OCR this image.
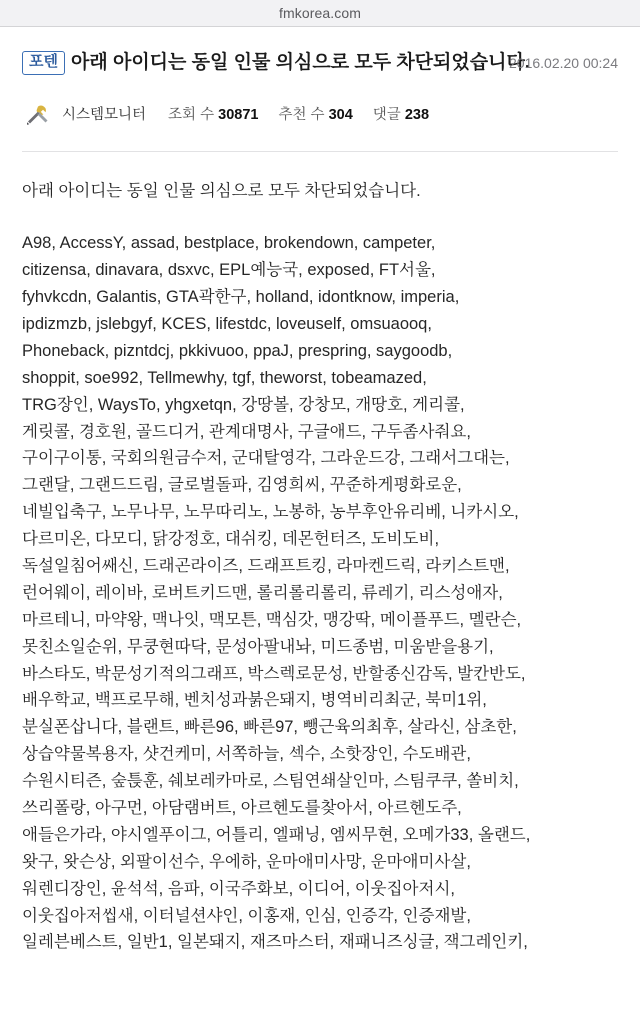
fmkorea.com
포텐 아래 아이디는 동일 인물 의심으로 모두 차단되었습니다.
2016.02.20 00:24
시스템모니터 조회 수 30871 추천 수 304 댓글 238
아래 아이디는 동일 인물 의심으로 모두 차단되었습니다.

A98, AccessY, assad, bestplace, brokendown, campeter,

citizensa, dinavara, dsxvc, EPL예능국, exposed, FT서울,

fyhvkcdn, Galantis, GTA곽한구, holland, idontknow, imperia,

ipdizmzb, jslebgyf, KCES, lifestdc, loveuself, omsuaooq,

Phoneback, pizntdcj, pkkivuoo, ppaJ, prespring, saygoodb,

shoppit, soe992, Tellmewhy, tgf, theworst, tobeamazed,

TRG장인, WaysTo, yhgxetqn, 강땅볼, 강창모, 개땅호, 게리콜,

게릿콜, 경호원, 골드디거, 관계대명사, 구글애드, 구두좀사줘요,

구이구이통, 국회의원금수저, 군대탈영각, 그라운드강, 그래서그대는,

그랜달, 그랜드드림, 글로벌돌파, 김영희씨, 꾸준하게평화로운,

네빌입축구, 노무나무, 노무따리노, 노봉하, 농부후안유리베, 니카시오,

다르미온, 다모디, 닭강정호, 대쉬킹, 데몬헌터즈, 도비도비,

독설일침어쌔신, 드래곤라이즈, 드래프트킹, 라마켄드릭, 라키스트맨,

런어웨이, 레이바, 로버트키드맨, 롤리롤리롤리, 류레기, 리스성애자,

마르테니, 마약왕, 맥나잇, 맥모튼, 맥심갓, 맹강딱, 메이플푸드, 멜란슨,

못친소일순위, 무쿵현따닥, 문성아팔내놔, 미드종범, 미움받을용기,

바스타도, 박문성기적의그래프, 박스렉로문성, 반할종신감독, 발칸반도,

배우학교, 백프로무해, 벤치성과붉은돼지, 병역비리최군, 북미1위,

분실폰삽니다, 블랜트, 빠른96, 빠른97, 뺑근육의최후, 살라신, 삼초한,

상습약물복용자, 샷건케미, 서쪽하늘, 섹수, 소핫장인, 수도배관,

수원시티즌, 숲튽훈, 쉐보레카마로, 스팀연쇄살인마, 스팀쿠쿠, 쏠비치,

쓰리폴랑, 아구먼, 아담램버트, 아르헨도를찾아서, 아르헨도주,

애들은가라, 야시엘푸이그, 어틀리, 엘패닝, 엠씨무현, 오메가33, 올랜드,

왓구, 왓슨상, 외팔이선수, 우에하, 운마애미사망, 운마애미사살,

워렌디장인, 윤석석, 음파, 이국주화보, 이디어, 이웃집아저시,

이웃집아저씹새, 이터널션샤인, 이홍재, 인심, 인증각, 인증재발,

일레븐베스트, 일반1, 일본돼지, 재즈마스터, 재패니즈싱글, 잭그레인키,
